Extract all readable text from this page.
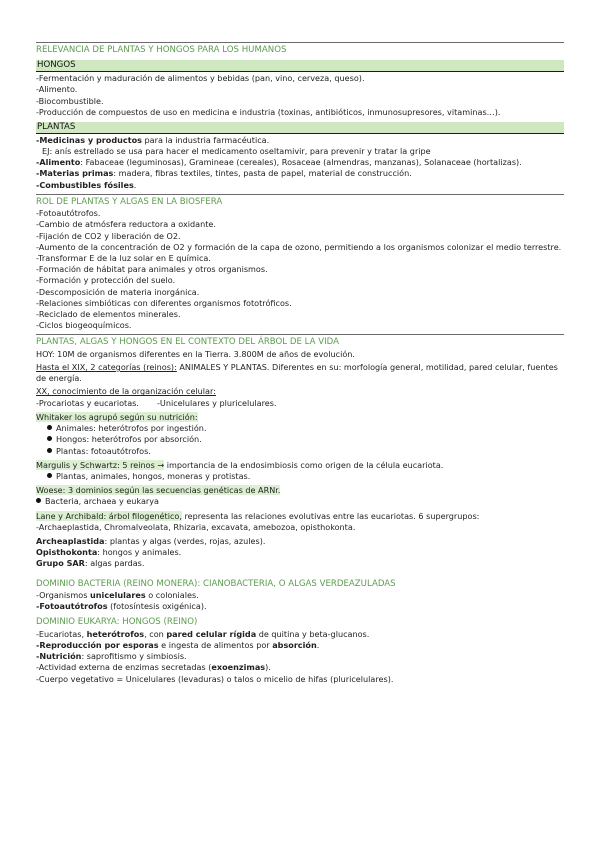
RELEVANCIA DE PLANTAS Y HONGOS PARA LOS HUMANOS
HONGOS
-Fermentación y maduración de alimentos y bebidas (pan, vino, cerveza, queso).
-Alimento.
-Biocombustible.
-Producción de compuestos de uso en medicina e industria (toxinas, antibióticos, inmunosupresores, vitaminas…).
PLANTAS
-Medicinas y productos para la industria farmacéutica.
EJ: anís estrellado se usa para hacer el medicamento oseltamivir, para prevenir y tratar la gripe
-Alimento: Fabaceae (leguminosas), Gramineae (cereales), Rosaceae (almendras, manzanas), Solanaceae (hortalizas).
-Materias primas: madera, fibras textiles, tintes, pasta de papel, material de construcción.
-Combustibles fósiles.
ROL DE PLANTAS Y ALGAS EN LA BIOSFERA
-Fotoautótrofos.
-Cambio de atmósfera reductora a oxidante.
-Fijación de CO2 y liberación de O2.
-Aumento de la concentración de O2 y formación de la capa de ozono, permitiendo a los organismos colonizar el medio terrestre.
-Transformar E de la luz solar en E química.
-Formación de hábitat para animales y otros organismos.
-Formación y protección del suelo.
-Descomposición de materia inorgánica.
-Relaciones simbióticas con diferentes organismos fototróficos.
-Reciclado de elementos minerales.
-Ciclos biogeoquímicos.
PLANTAS, ALGAS Y HONGOS EN EL CONTEXTO DEL ÁRBOL DE LA VIDA
HOY: 10M de organismos diferentes en la Tierra. 3.800M de años de evolución.
Hasta el XIX, 2 categorías (reinos): ANIMALES Y PLANTAS. Diferentes en su: morfología general, motilidad, pared celular, fuentes de energía.
XX, conocimiento de la organización celular:
-Procariotas y eucariotas. -Unicelulares y pluricelulares.
Whitaker los agrupó según su nutrición:
Animales: heterótrofos por ingestión.
Hongos: heterótrofos por absorción.
Plantas: fotoautótrofos.
Margulis y Schwartz: 5 reinos → importancia de la endosimbiosis como origen de la célula eucariota.
Plantas, animales, hongos, moneras y protistas.
Woese: 3 dominios según las secuencias genéticas de ARNr.
Bacteria, archaea y eukarya
Lane y Archibald: árbol filogenético, representa las relaciones evolutivas entre las eucariotas. 6 supergrupos:
-Archaeplastida, Chromalveolata, Rhizaria, excavata, amebozoa, opisthokonta.
Archeaplastida: plantas y algas (verdes, rojas, azules).
Opisthokonta: hongos y animales.
Grupo SAR: algas pardas.
DOMINIO BACTERIA (REINO MONERA): CIANOBACTERIA, O ALGAS VERDEAZULADAS
-Organismos unicelulares o coloniales.
-Fotoautótrofos (fotosíntesis oxigénica).
DOMINIO EUKARYA: HONGOS (REINO)
-Eucariotas, heterótrofos, con pared celular rígida de quitina y beta-glucanos.
-Reproducción por esporas e ingesta de alimentos por absorción.
-Nutrición: saprofitismo y simbiosis.
-Actividad externa de enzimas secretadas (exoenzimas).
-Cuerpo vegetativo = Unicelulares (levaduras) o talos o micelio de hifas (pluricelulares).
